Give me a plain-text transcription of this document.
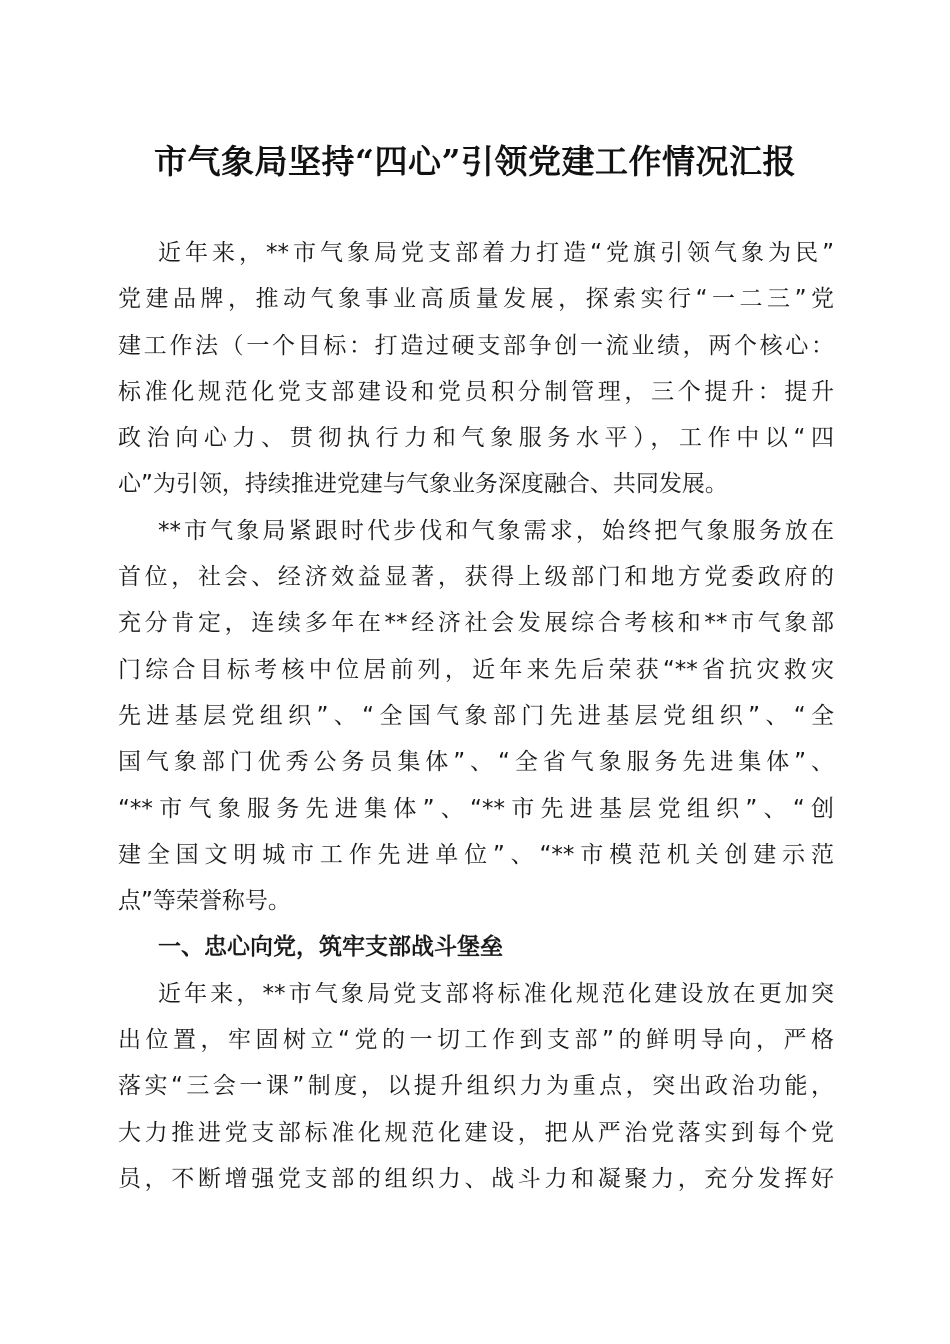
市气象局坚持“四心”引领党建工作情况汇报
近年来，**市气象局党支部着力打造“党旗引领气象为民”
党建品牌，推动气象事业高质量发展，探索实行“一二三”党
建工作法（一个目标：打造过硬支部争创一流业绩，两个核心：
标准化规范化党支部建设和党员积分制管理，三个提升：提升
政治向心力、贯彻执行力和气象服务水平），工作中以“四
心”为引领，持续推进党建与气象业务深度融合、共同发展。
**市气象局紧跟时代步伐和气象需求，始终把气象服务放在
首位，社会、经济效益显著，获得上级部门和地方党委政府的
充分肯定，连续多年在**经济社会发展综合考核和**市气象部
门综合目标考核中位居前列，近年来先后荣获“**省抗灾救灾
先进基层党组织”、“全国气象部门先进基层党组织”、“全
国气象部门优秀公务员集体”、“全省气象服务先进集体”、
“**市气象服务先进集体”、“**市先进基层党组织”、“创
建全国文明城市工作先进单位”、“**市模范机关创建示范
点”等荣誉称号。
一、忠心向党，筑牢支部战斗堡垒
近年来，**市气象局党支部将标准化规范化建设放在更加突
出位置，牢固树立“党的一切工作到支部”的鲜明导向，严格
落实“三会一课”制度，以提升组织力为重点，突出政治功能，
大力推进党支部标准化规范化建设，把从严治党落实到每个党
员，不断增强党支部的组织力、战斗力和凝聚力，充分发挥好
